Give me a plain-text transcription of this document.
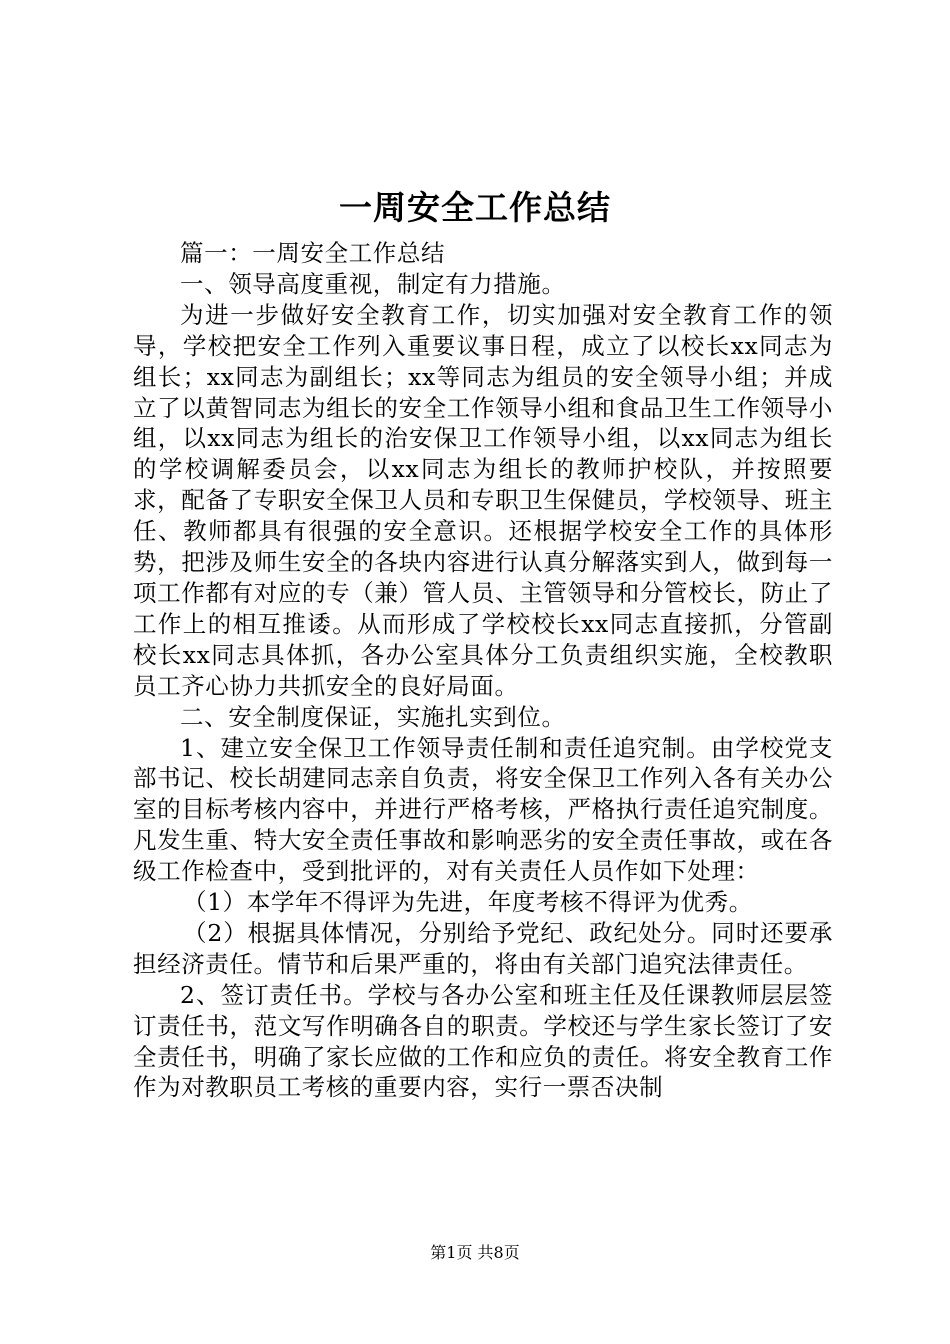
一周安全工作总结

篇一：一周安全工作总结

一、领导高度重视，制定有力措施。

为进一步做好安全教育工作，切实加强对安全教育工作的领导，学校把安全工作列入重要议事日程，成立了以校长xx同志为组长；xx同志为副组长；xx等同志为组员的安全领导小组；并成立了以黄智同志为组长的安全工作领导小组和食品卫生工作领导小组，以xx同志为组长的治安保卫工作领导小组，以xx同志为组长的学校调解委员会，以xx同志为组长的教师护校队，并按照要求，配备了专职安全保卫人员和专职卫生保健员，学校领导、班主任、教师都具有很强的安全意识。还根据学校安全工作的具体形势，把涉及师生安全的各块内容进行认真分解落实到人，做到每一项工作都有对应的专（兼）管人员、主管领导和分管校长，防止了工作上的相互推诿。从而形成了学校校长xx同志直接抓，分管副校长xx同志具体抓，各办公室具体分工负责组织实施，全校教职员工齐心协力共抓安全的良好局面。

二、安全制度保证，实施扎实到位。

1、建立安全保卫工作领导责任制和责任追究制。由学校党支部书记、校长胡建同志亲自负责，将安全保卫工作列入各有关办公室的目标考核内容中，并进行严格考核，严格执行责任追究制度。凡发生重、特大安全责任事故和影响恶劣的安全责任事故，或在各级工作检查中，受到批评的，对有关责任人员作如下处理：

（1）本学年不得评为先进，年度考核不得评为优秀。

（2）根据具体情况，分别给予党纪、政纪处分。同时还要承担经济责任。情节和后果严重的，将由有关部门追究法律责任。

2、签订责任书。学校与各办公室和班主任及任课教师层层签订责任书，范文写作明确各自的职责。学校还与学生家长签订了安全责任书，明确了家长应做的工作和应负的责任。将安全教育工作作为对教职员工考核的重要内容，实行一票否决制

第1页 共8页
